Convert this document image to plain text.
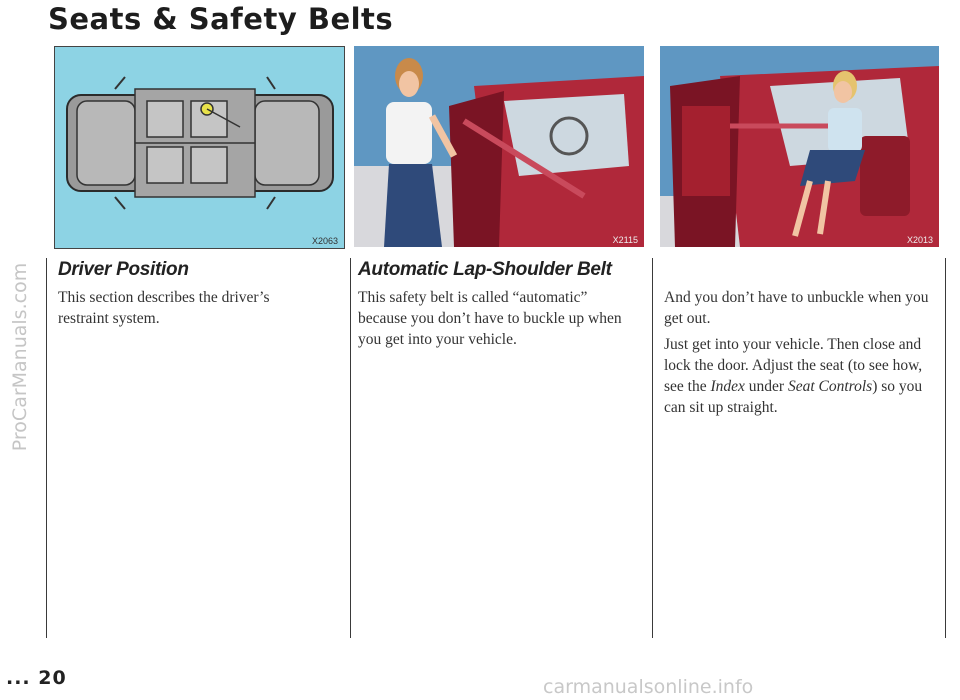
Seats & Safety Belts
ProCarManuals.com
X2063	X2115	X2013
Driver Position

This section describes the driver’s restraint system.

Automatic Lap-Shoulder Belt

This safety belt is called “automatic” because you don’t have to buckle up when you get into your vehicle.

And you don’t have to unbuckle when you get out.

Just get into your vehicle. Then close and lock the door. Adjust the seat (to see how, see the Index under Seat Controls) so you can sit up straight.

... 20	carmanualsonline.info
